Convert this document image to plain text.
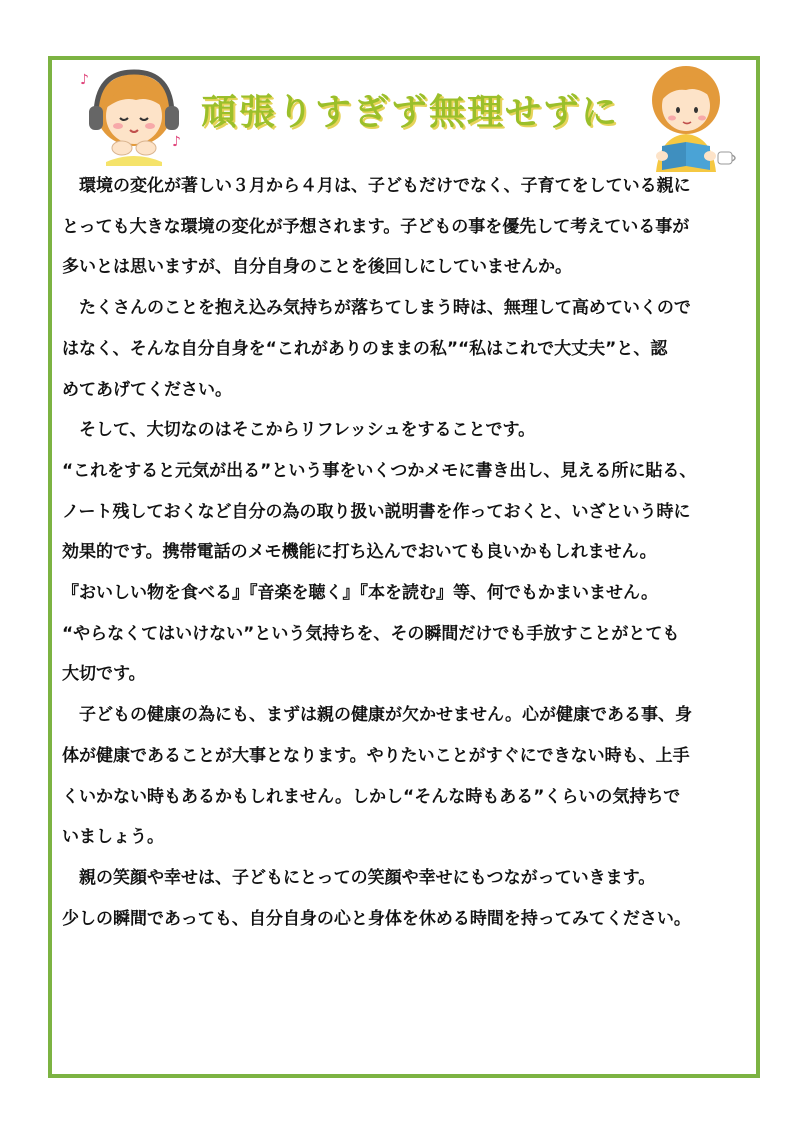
♪
♪
頑張りすぎず無理せずに

　環境の変化が著しい３月から４月は、子どもだけでなく、子育てをしている親に

とっても大きな環境の変化が予想されます。子どもの事を優先して考えている事が

多いとは思いますが、自分自身のことを後回しにしていませんか。

　たくさんのことを抱え込み気持ちが落ちてしまう時は、無理して高めていくので

はなく、そんな自分自身を“これがありのままの私”“私はこれで大丈夫”と、認

めてあげてください。

　そして、大切なのはそこからリフレッシュをすることです。

“これをすると元気が出る”という事をいくつかメモに書き出し、見える所に貼る、

ノート残しておくなど自分の為の取り扱い説明書を作っておくと、いざという時に

効果的です。携帯電話のメモ機能に打ち込んでおいても良いかもしれません。

『おいしい物を食べる』『音楽を聴く』『本を読む』等、何でもかまいません。

“やらなくてはいけない”という気持ちを、その瞬間だけでも手放すことがとても

大切です。

　子どもの健康の為にも、まずは親の健康が欠かせません。心が健康である事、身

体が健康であることが大事となります。やりたいことがすぐにできない時も、上手

くいかない時もあるかもしれません。しかし“そんな時もある”くらいの気持ちで

いましょう。

　親の笑顔や幸せは、子どもにとっての笑顔や幸せにもつながっていきます。

少しの瞬間であっても、自分自身の心と身体を休める時間を持ってみてください。
